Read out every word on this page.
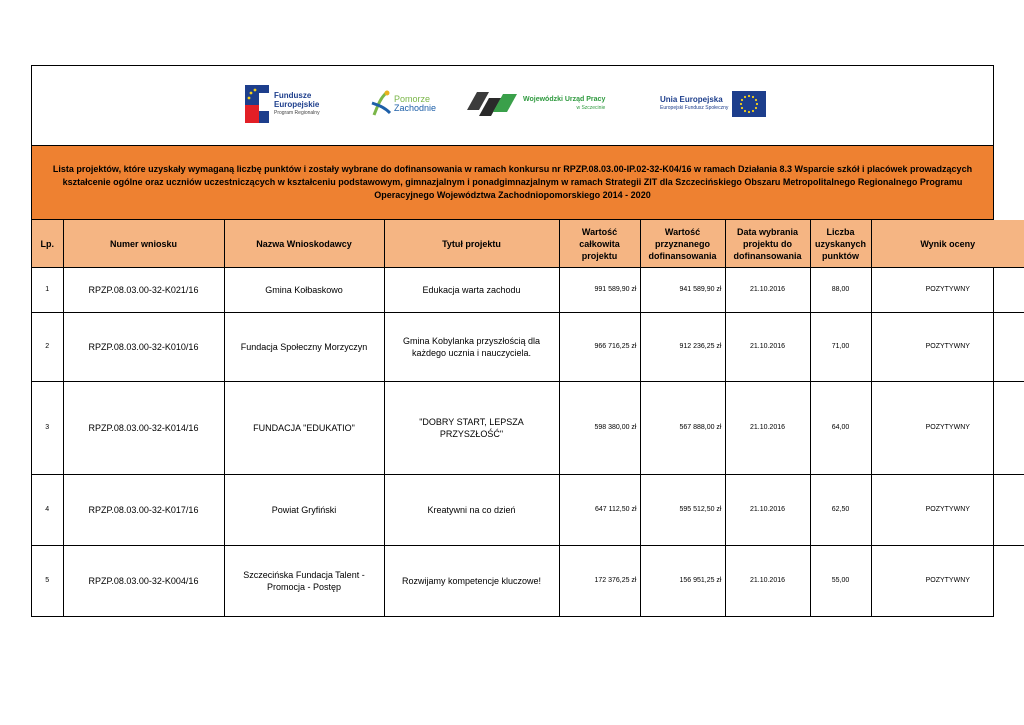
Fundusze
Europejskie
Program Regionalny
Pomorze
Zachodnie
Wojewódzki Urząd Pracy
w Szczecinie
Unia Europejska
Europejski Fundusz Społeczny
Lista projektów, które uzyskały wymaganą liczbę punktów i zostały wybrane do dofinansowania w ramach konkursu nr RPZP.08.03.00-IP.02-32-K04/16 w ramach Działania 8.3 Wsparcie szkół i placówek prowadzących kształcenie ogólne oraz uczniów uczestniczących w kształceniu podstawowym, gimnazjalnym i ponadgimnazjalnym w ramach Strategii ZIT dla Szczecińskiego Obszaru Metropolitalnego Regionalnego Programu Operacyjnego Województwa Zachodniopomorskiego 2014 - 2020
Lp.	Numer wniosku	Nazwa Wnioskodawcy	Tytuł projektu	Wartość całkowita projektu	Wartość przyznanego dofinansowania	Data wybrania projektu do dofinansowania	Liczba uzyskanych punktów	Wynik oceny
1	RPZP.08.03.00-32-K021/16	Gmina Kołbaskowo	Edukacja warta zachodu	991 589,90 zł	941 589,90 zł	21.10.2016	88,00	POZYTYWNY
2	RPZP.08.03.00-32-K010/16	Fundacja Społeczny Morzyczyn	Gmina Kobylanka przyszłością dla każdego ucznia i nauczyciela.	966 716,25 zł	912 236,25 zł	21.10.2016	71,00	POZYTYWNY
3	RPZP.08.03.00-32-K014/16	FUNDACJA "EDUKATIO"	"DOBRY START, LEPSZA PRZYSZŁOŚĆ"	598 380,00 zł	567 888,00 zł	21.10.2016	64,00	POZYTYWNY
4	RPZP.08.03.00-32-K017/16	Powiat Gryfiński	Kreatywni na co dzień	647 112,50 zł	595 512,50 zł	21.10.2016	62,50	POZYTYWNY
5	RPZP.08.03.00-32-K004/16	Szczecińska Fundacja Talent - Promocja - Postęp	Rozwijamy kompetencje kluczowe!	172 376,25 zł	156 951,25 zł	21.10.2016	55,00	POZYTYWNY
